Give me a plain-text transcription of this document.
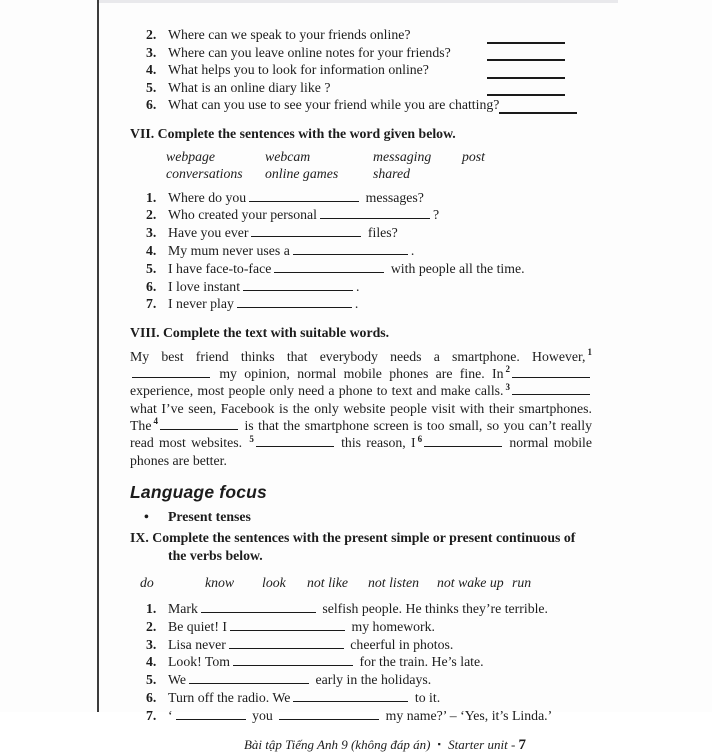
2. Where can we speak to your friends online?
3. Where can you leave online notes for your friends?
4. What helps you to look for information online?
5. What is an online diary like ?
6. What can you use to see your friend while you are chatting?
VII. Complete the sentences with the word given below.
webpage	webcam	messaging	post
conversations	online games	shared
1. Where do you	messages?
2. Who created your personal	?
3. Have you ever	files?
4. My mum never uses a	.
5. I have face-to-face	with people all the time.
6. I love instant	.
7. I never play	.
VIII. Complete the text with suitable words.
My best friend thinks that everybody needs a smartphone. However, $^1$ my opinion, normal mobile phones are fine. In $^2$ experience, most people only need a phone to text and make calls. $^3$ what I’ve seen, Facebook is the only website people visit with their smartphones. The $^4$	is that the smartphone screen is too small, so you can’t really read most websites. $^5$	this reason, I $^6$	normal mobile phones are better.
Language focus
•	Present tenses
IX. Complete the sentences with the present simple or present continuous of the verbs below.
do	know	look	not like	not listen	not wake up run
1. Mark	selfish people. He thinks they’re terrible.
2. Be quiet! I	my homework.
3. Lisa never	cheerful in photos.
4. Look! Tom	for the train. He’s late.
5. We	early in the holidays.
6. Turn off the radio. We	to it.
7. ‘	you	my name?’ – ‘Yes, it’s Linda.’
Bài tập Tiếng Anh 9 (không đáp án) ▪ Starter unit - 7
